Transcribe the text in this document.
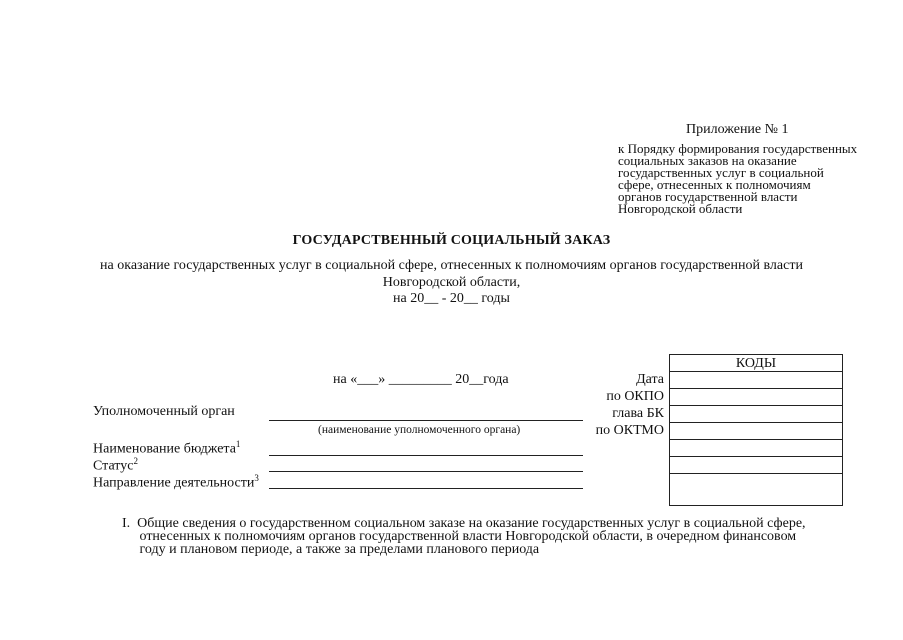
Приложение № 1
к Порядку формирования государственных
социальных заказов на оказание
государственных услуг в социальной
сфере, отнесенных к полномочиям
органов государственной власти
Новгородской области
ГОСУДАРСТВЕННЫЙ СОЦИАЛЬНЫЙ ЗАКАЗ
на оказание государственных услуг в социальной сфере, отнесенных к полномочиям органов государственной власти
Новгородской области,
на 20__ - 20__ годы
на «___» _________ 20__года
Уполномоченный орган
(наименование уполномоченного органа)
Наименование бюджета$^1$
Статус$^2$
Направление деятельности$^3$
Дата
по ОКПО
глава БК
по ОКТМО
КОДЫ
I.  Общие сведения о государственном социальном заказе на оказание государственных услуг в социальной сфере,
отнесенных к полномочиям органов государственной власти Новгородской области, в очередном финансовом
году и плановом периоде, а также за пределами планового периода
